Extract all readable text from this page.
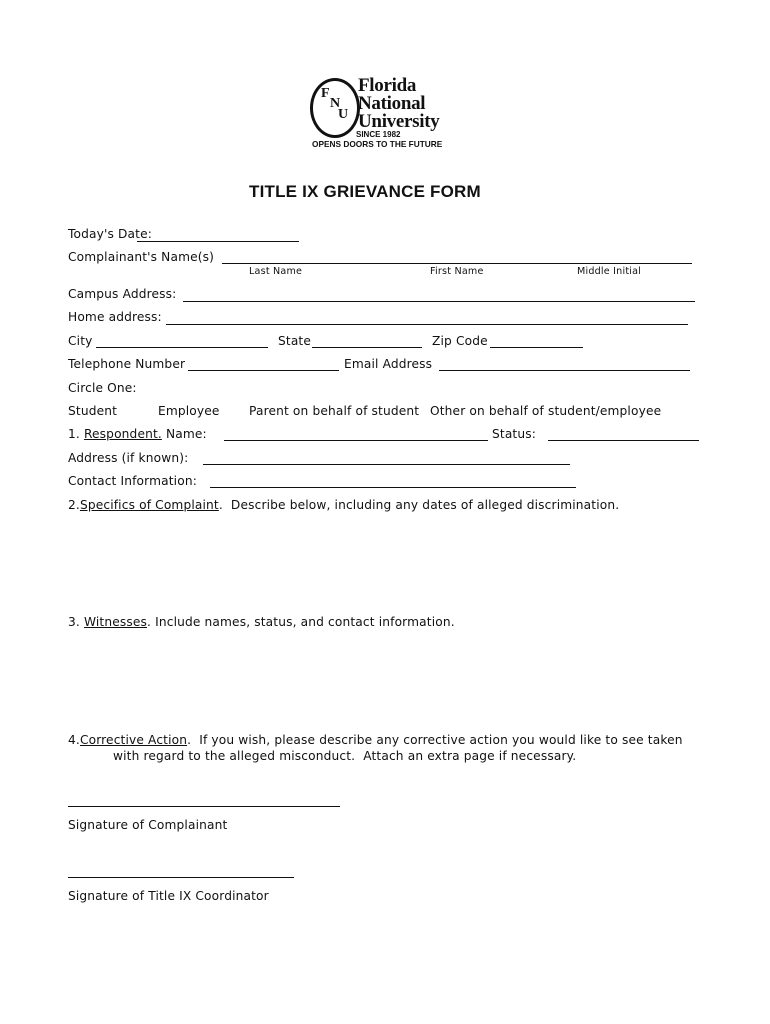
F
N
U
Florida
National
University
SINCE 1982
OPENS DOORS TO THE FUTURE
TITLE IX GRIEVANCE FORM
Today's Date:
Complainant's Name(s)
Last Name	First Name	Middle Initial
Campus Address:
Home address:
City	State	Zip Code
Telephone Number	Email Address
Circle One:
Student	Employee Parent on behalf of student Other on behalf of student/employee
1. Respondent. Name:	Status:
Address (if known):
Contact Information:
2.Specifics of Complaint.  Describe below, including any dates of alleged discrimination.
3. Witnesses. Include names, status, and contact information.
4.Corrective Action.  If you wish, please describe any corrective action you would like to see taken
with regard to the alleged misconduct.  Attach an extra page if necessary.
Signature of Complainant
Signature of Title IX Coordinator
